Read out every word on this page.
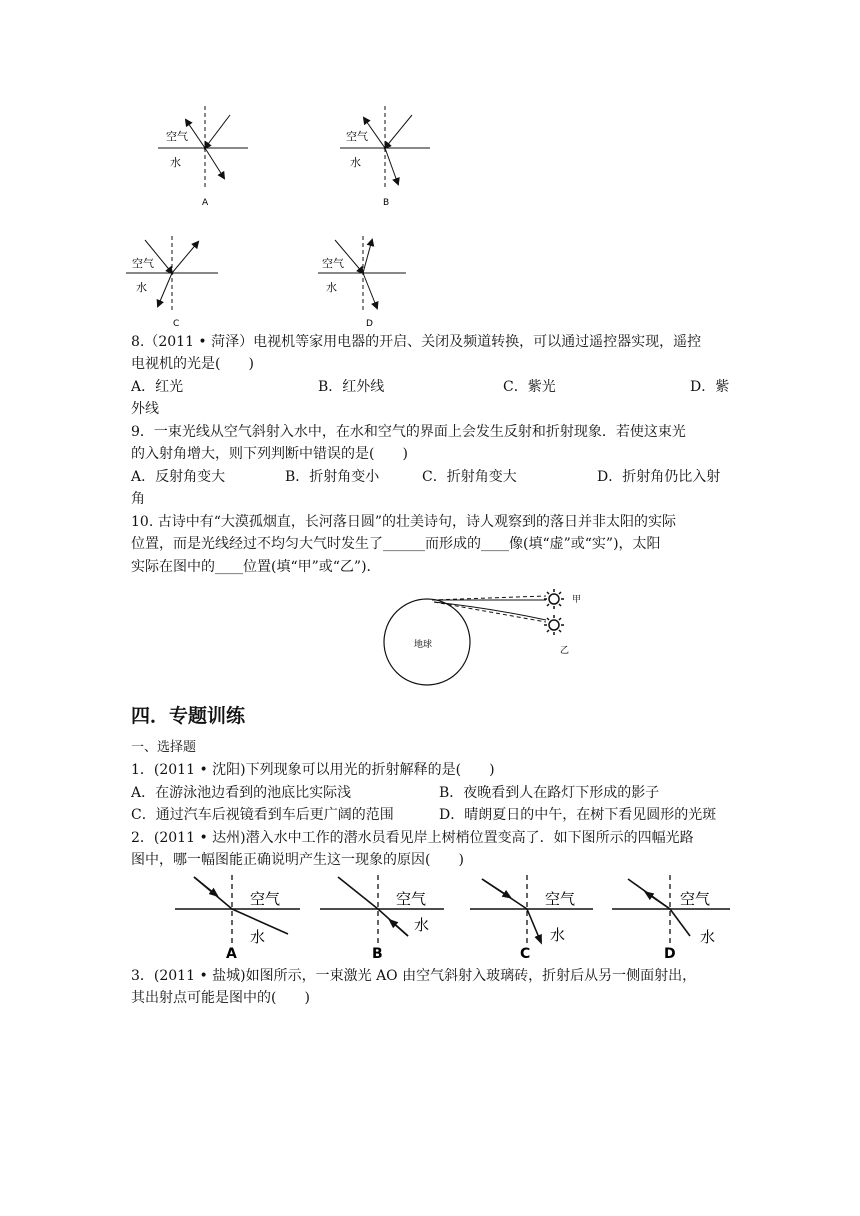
空气
水
A
空气
水
B
空气
水
C
空气
水
D
8.（2011 • 菏泽）电视机等家用电器的开启、关闭及频道转换，可以通过遥控器实现，遥控
电视机的光是(　　)
A．红光	B．红外线	C．紫光	D．紫
外线
9．一束光线从空气斜射入水中，在水和空气的界面上会发生反射和折射现象．若使这束光
的入射角增大，则下列判断中错误的是(　　)
A．反射角变大	B．折射角变小	C．折射角变大	D．折射角仍比入射
角
10. 古诗中有“大漠孤烟直，长河落日圆”的壮美诗句，诗人观察到的落日并非太阳的实际
位置，而是光线经过不均匀大气时发生了______而形成的____像(填“虚”或“实”)，太阳
实际在图中的____位置(填“甲”或“乙”)．
地球
甲
乙
四．专题训练
一、选择题
1．(2011 • 沈阳)下列现象可以用光的折射解释的是(　　)
A．在游泳池边看到的池底比实际浅	B．夜晚看到人在路灯下形成的影子
C．通过汽车后视镜看到车后更广阔的范围	D．晴朗夏日的中午，在树下看见圆形的光斑
2．(2011 • 达州)潜入水中工作的潜水员看见岸上树梢位置变高了．如下图所示的四幅光路
图中，哪一幅图能正确说明产生这一现象的原因(　　)
空气
水
A
空气
水
B
空气
水
C
空气
水
D
3．(2011 • 盐城)如图所示，一束激光 AO 由空气斜射入玻璃砖，折射后从另一侧面射出，
其出射点可能是图中的(　　)
